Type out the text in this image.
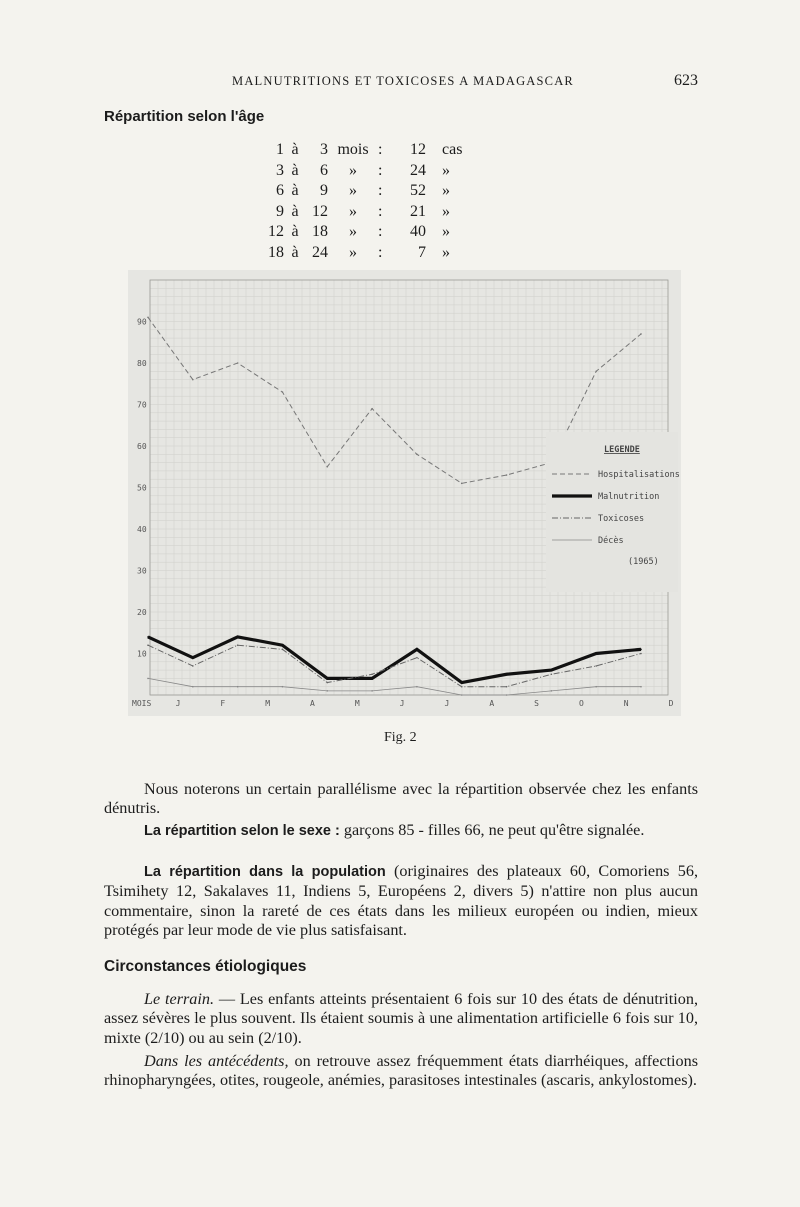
MALNUTRITIONS ET TOXICOSES A MADAGASCAR	623
Répartition selon l'âge
1	à	3	mois	:	12	cas
3	à	6	»	:	24	»
6	à	9	»	:	52	»
9	à	12	»	:	21	»
12	à	18	»	:	40	»
18	à	24	»	:	7	»
10
20
30
40
50
60
70
80
90
MOIS	J	F	M	A	M	J	J	A	S	O	N	D
LEGENDE
Hospitalisations
Malnutrition
Toxicoses
Décès
(1965)
Fig. 2

Nous noterons un certain parallélisme avec la répartition observée chez les enfants dénutris.

La répartition selon le sexe : garçons 85 - filles 66, ne peut qu'être signalée.

La répartition dans la population (originaires des plateaux 60, Comoriens 56, Tsimihety 12, Sakalaves 11, Indiens 5, Européens 2, divers 5) n'attire non plus aucun commentaire, sinon la rareté de ces états dans les milieux européen ou indien, mieux protégés par leur mode de vie plus satisfaisant.

Circonstances étiologiques

Le terrain. — Les enfants atteints présentaient 6 fois sur 10 des états de dénutrition, assez sévères le plus souvent. Ils étaient soumis à une alimentation artificielle 6 fois sur 10, mixte (2/10) ou au sein (2/10).

Dans les antécédents, on retrouve assez fréquemment états diarrhéiques, affections rhinopharyngées, otites, rougeole, anémies, parasitoses intestinales (ascaris, ankylostomes).
